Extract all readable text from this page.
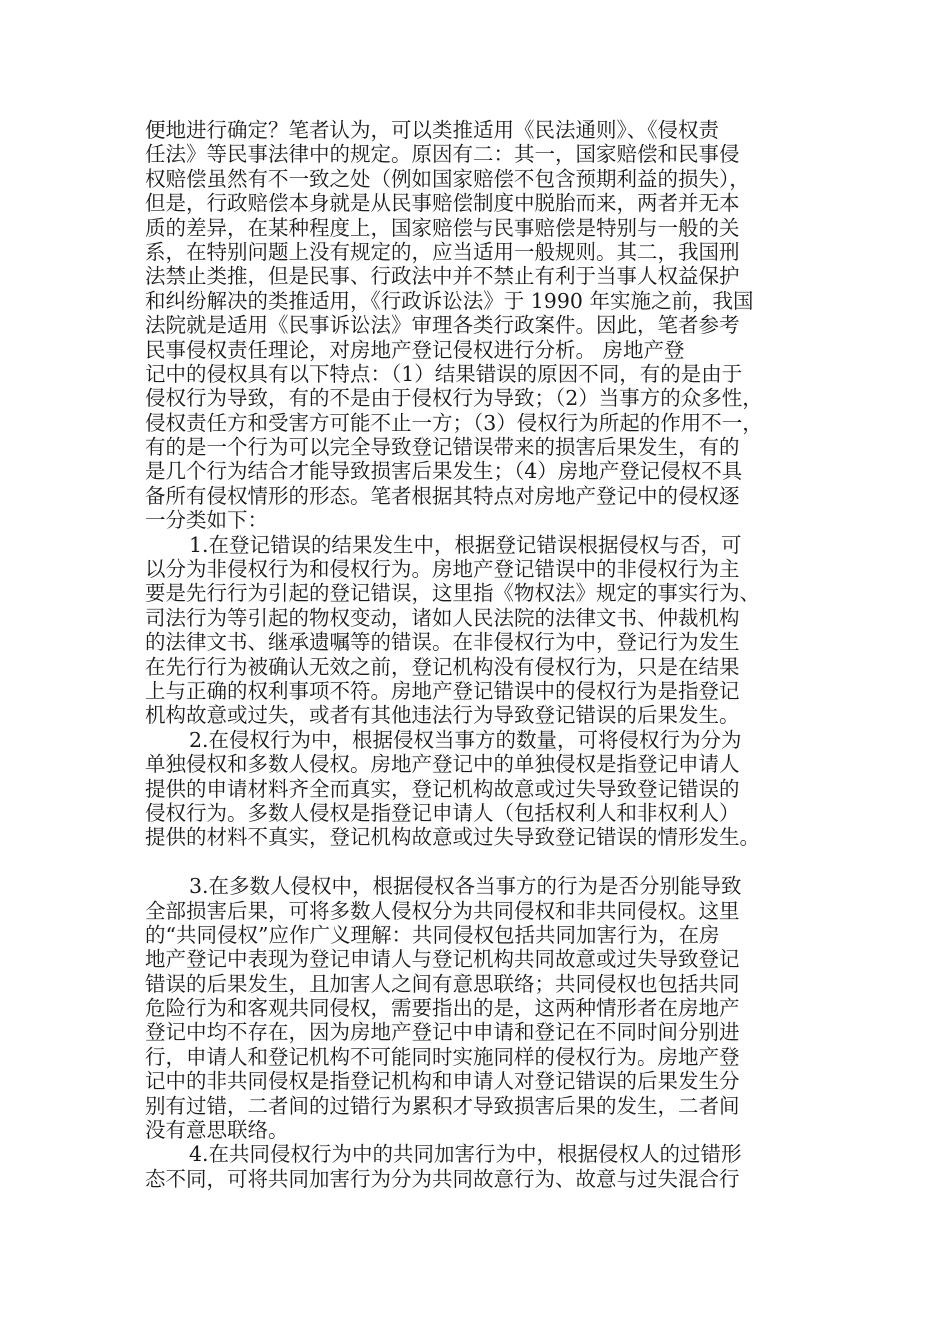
便地进行确定？笔者认为，可以类推适用《民法通则》、《侵权责
任法》等民事法律中的规定。原因有二：其一，国家赔偿和民事侵
权赔偿虽然有不一致之处（例如国家赔偿不包含预期利益的损失），
但是，行政赔偿本身就是从民事赔偿制度中脱胎而来，两者并无本
质的差异，在某种程度上，国家赔偿与民事赔偿是特别与一般的关
系，在特别问题上没有规定的，应当适用一般规则。其二，我国刑
法禁止类推，但是民事、行政法中并不禁止有利于当事人权益保护
和纠纷解决的类推适用，《行政诉讼法》于 1990 年实施之前，我国
法院就是适用《民事诉讼法》审理各类行政案件。因此，笔者参考
民事侵权责任理论，对房地产登记侵权进行分析。 房地产登
记中的侵权具有以下特点：（1）结果错误的原因不同，有的是由于
侵权行为导致，有的不是由于侵权行为导致；（2）当事方的众多性，
侵权责任方和受害方可能不止一方；（3）侵权行为所起的作用不一，
有的是一个行为可以完全导致登记错误带来的损害后果发生，有的
是几个行为结合才能导致损害后果发生；（4）房地产登记侵权不具
备所有侵权情形的形态。笔者根据其特点对房地产登记中的侵权逐
一分类如下：
1.在登记错误的结果发生中，根据登记错误根据侵权与否，可
以分为非侵权行为和侵权行为。房地产登记错误中的非侵权行为主
要是先行行为引起的登记错误，这里指《物权法》规定的事实行为、
司法行为等引起的物权变动，诸如人民法院的法律文书、仲裁机构
的法律文书、继承遗嘱等的错误。在非侵权行为中，登记行为发生
在先行行为被确认无效之前，登记机构没有侵权行为，只是在结果
上与正确的权利事项不符。房地产登记错误中的侵权行为是指登记
机构故意或过失，或者有其他违法行为导致登记错误的后果发生。
2.在侵权行为中，根据侵权当事方的数量，可将侵权行为分为
单独侵权和多数人侵权。房地产登记中的单独侵权是指登记申请人
提供的申请材料齐全而真实，登记机构故意或过失导致登记错误的
侵权行为。多数人侵权是指登记申请人（包括权利人和非权利人）
提供的材料不真实，登记机构故意或过失导致登记错误的情形发生。
3.在多数人侵权中，根据侵权各当事方的行为是否分别能导致
全部损害后果，可将多数人侵权分为共同侵权和非共同侵权。这里
的“共同侵权”应作广义理解：共同侵权包括共同加害行为，在房
地产登记中表现为登记申请人与登记机构共同故意或过失导致登记
错误的后果发生，且加害人之间有意思联络；共同侵权也包括共同
危险行为和客观共同侵权，需要指出的是，这两种情形者在房地产
登记中均不存在，因为房地产登记中申请和登记在不同时间分别进
行，申请人和登记机构不可能同时实施同样的侵权行为。房地产登
记中的非共同侵权是指登记机构和申请人对登记错误的后果发生分
别有过错，二者间的过错行为累积才导致损害后果的发生，二者间
没有意思联络。
4.在共同侵权行为中的共同加害行为中，根据侵权人的过错形
态不同，可将共同加害行为分为共同故意行为、故意与过失混合行
